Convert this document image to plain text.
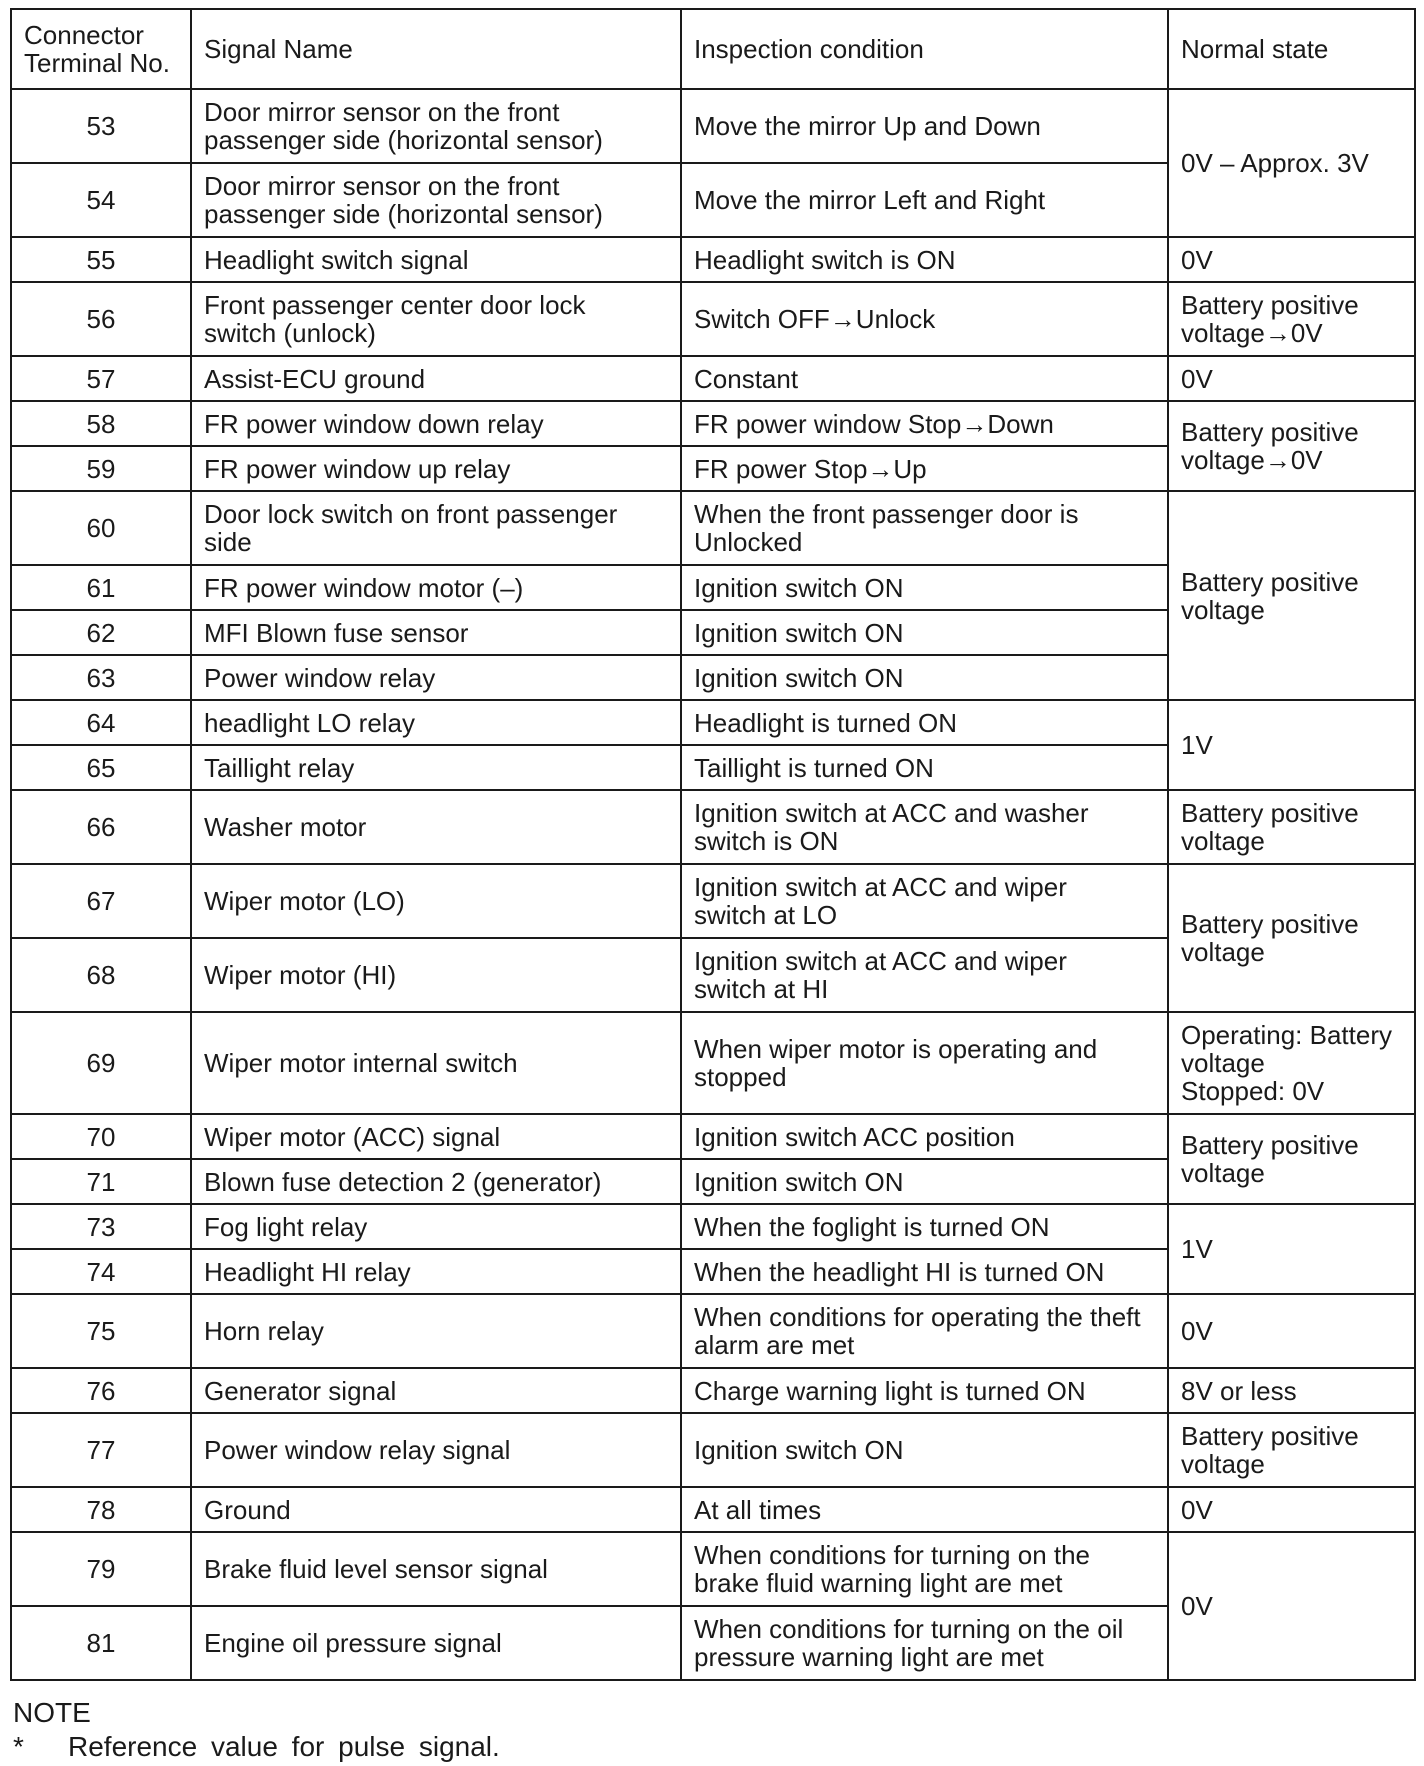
Connector
Terminal No.	Signal Name	Inspection condition	Normal state
53	Door mirror sensor on the front
passenger side (horizontal sensor)	Move the mirror Up and Down	0V – Approx. 3V
54	Door mirror sensor on the front
passenger side (horizontal sensor)	Move the mirror Left and Right	
55	Headlight switch signal	Headlight switch is ON	0V
56	Front passenger center door lock
switch (unlock)	Switch OFF→Unlock	Battery positive
voltage→0V
57	Assist-ECU ground	Constant	0V
58	FR power window down relay	FR power window Stop→Down	Battery positive
voltage→0V
59	FR power window up relay	FR power Stop→Up	
60	Door lock switch on front passenger
side	When the front passenger door is
Unlocked	Battery positive
voltage
61	FR power window motor (–)	Ignition switch ON	
62	MFI Blown fuse sensor	Ignition switch ON	
63	Power window relay	Ignition switch ON	
64	headlight LO relay	Headlight is turned ON	1V
65	Taillight relay	Taillight is turned ON	
66	Washer motor	Ignition switch at ACC and washer
switch is ON	Battery positive
voltage
67	Wiper motor (LO)	Ignition switch at ACC and wiper
switch at LO	Battery positive
voltage
68	Wiper motor (HI)	Ignition switch at ACC and wiper
switch at HI	
69	Wiper motor internal switch	When wiper motor is operating and
stopped	Operating: Battery
voltage
Stopped: 0V
70	Wiper motor (ACC) signal	Ignition switch ACC position	Battery positive
voltage
71	Blown fuse detection 2 (generator)	Ignition switch ON	
73	Fog light relay	When the foglight is turned ON	1V
74	Headlight HI relay	When the headlight HI is turned ON	
75	Horn relay	When conditions for operating the theft
alarm are met	0V
76	Generator signal	Charge warning light is turned ON	8V or less
77	Power window relay signal	Ignition switch ON	Battery positive
voltage
78	Ground	At all times	0V
79	Brake fluid level sensor signal	When conditions for turning on the
brake fluid warning light are met	0V
81	Engine oil pressure signal	When conditions for turning on the oil
pressure warning light are met	
NOTE
* Reference value for pulse signal.
